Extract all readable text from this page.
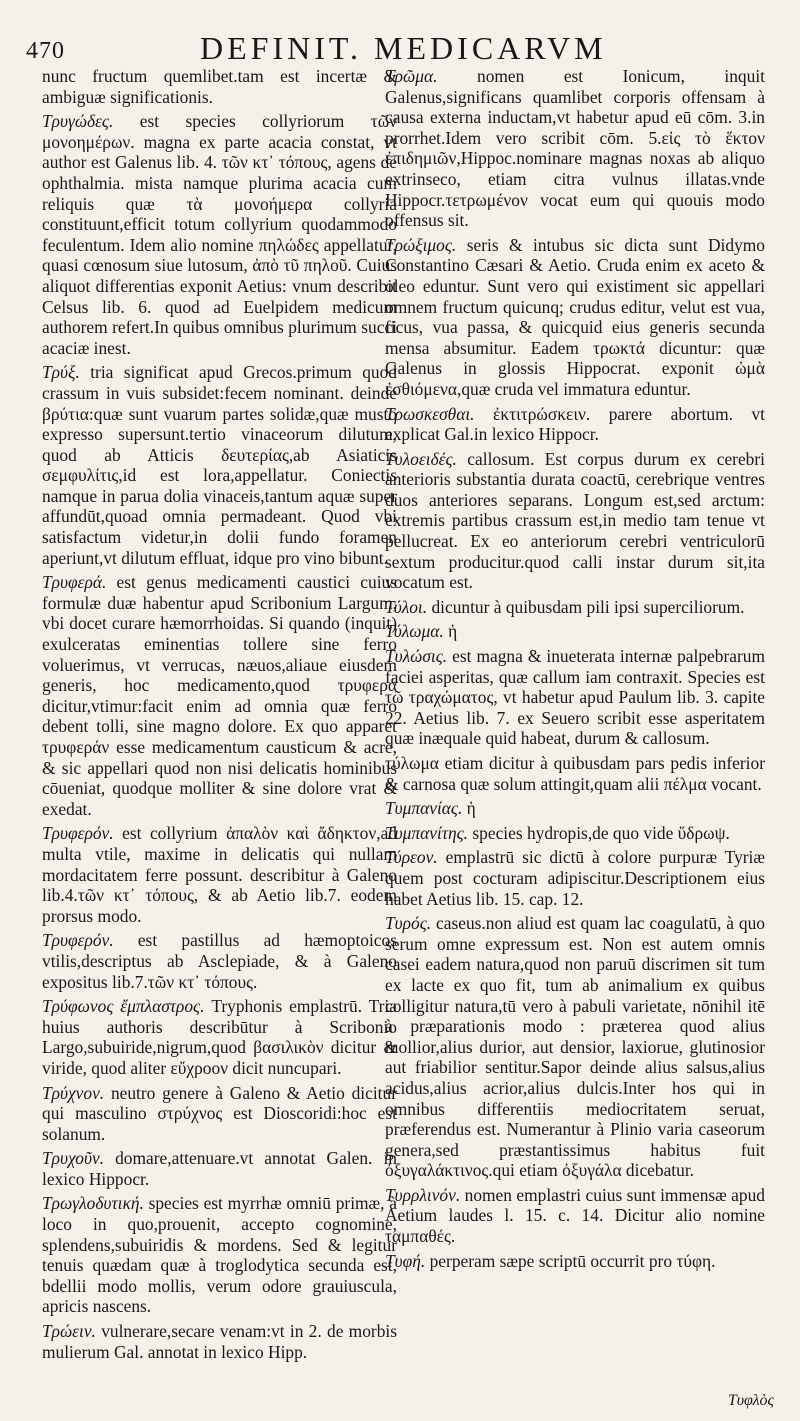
470	DEFINIT. MEDICARVM

nunc fructum quemlibet.tam est incertæ & ambiguæ significationis.

Τρυγώδες. est species collyriorum τῶν μονοημέρων. magna ex parte acacia constat, vt author est Galenus lib. 4. τῶν κτ᾽ τόπους, agens de ophthalmia. mista namque plurima acacia cum reliquis quæ τὰ μονοήμερα collyria constituunt,efficit totum collyrium quodammodo feculentum. Idem alio nomine πηλώδες appellatur, quasi cœnosum siue lutosum, ἀπὸ τῦ πηλοῦ. Cuius aliquot differentias exponit Aetius: vnum describit Celsus lib. 6. quod ad Euelpidem medicum authorem refert.In quibus omnibus plurimum succi acaciæ inest.

Τρύξ. tria significat apud Grecos.primum quod crassum in vuis subsidet:fecem nominant. deinde βρύτια:quæ sunt vuarum partes solidæ,quæ musto expresso supersunt.tertio vinaceorum dilutum, quod ab Atticis δευτερίας,ab Asiaticis σεμφυλίτις,id est lora,appellatur. Coniectis namque in parua dolia vinaceis,tantum aquæ super affundūt,quoad omnia permadeant. Quod vbi satisfactum videtur,in dolii fundo foramen aperiunt,vt dilutum effluat, idque pro vino bibunt.

Τρυφερά. est genus medicamenti caustici cuius formulæ duæ habentur apud Scribonium Largum, vbi docet curare hæmorrhoidas. Si quando (inquit) exulceratas eminentias tollere sine ferro voluerimus, vt verrucas, næuos,aliaue eiusdem generis, hoc medicamento,quod τρυφερά dicitur,vtimur:facit enim ad omnia quæ ferro debent tolli, sine magno dolore. Ex quo apparet τρυφεράν esse medicamentum causticum & acre, & sic appellari quod non nisi delicatis hominibus cōueniat, quodque molliter & sine dolore vrat & exedat.

Τρυφερόν. est collyrium ἀπαλὸν καὶ ἄδηκτον,ad multa vtile, maxime in delicatis qui nullam mordacitatem ferre possunt. describitur à Galeno lib.4.τῶν κτ᾽ τόπους, & ab Aetio lib.7. eodem prorsus modo.

Τρυφερόν. est pastillus ad hæmoptoicos vtilis,descriptus ab Asclepiade, & à Galeno expositus lib.7.τῶν κτ᾽ τόπους.

Τρύφωνος ἔμπλαστρος. Tryphonis emplastrū. Tria huius authoris describūtur à Scribonio Largo,subuiride,nigrum,quod βασιλικὸν dicitur & viride, quod aliter εὔχροον dicit nuncupari.

Τρύχνον. neutro genere à Galeno & Aetio dicitur qui masculino στρύχνος est Dioscoridi:hoc est solanum.

Τρυχοῦν. domare,attenuare.vt annotat Galen. in lexico Hippocr.

Τρωγλοδυτική. species est myrrhæ omniū primæ, à loco in quo,prouenit, accepto cognomine, splendens,subuiridis & mordens. Sed & legitur tenuis quædam quæ à troglodytica secunda est, bdellii modo mollis, verum odore grauiuscula, apricis nascens.

Τρώειν. vulnerare,secare venam:vt in 2. de morbis mulierum Gal. annotat in lexico Hipp.

Τρῶμα. nomen est Ionicum, inquit Galenus,significans quamlibet corporis offensam à causa externa inductam,vt habetur apud eū cōm. 3.in prorrhet.Idem vero scribit cōm. 5.εἰς τὸ ἕκτον ἐπιδημιῶν,Hippoc.nominare magnas noxas ab aliquo extrinseco, etiam citra vulnus illatas.vnde Hippocr.τετρωμένον vocat eum qui quouis modo offensus sit.

Τρώξιμος. seris & intubus sic dicta sunt Didymo Constantino Cæsari & Aetio. Cruda enim ex aceto & oleo eduntur. Sunt vero qui existiment sic appellari omnem fructum quicunq; crudus editur, velut est vua, ficus, vua passa, & quicquid eius generis secunda mensa absumitur. Eadem τρωκτά dicuntur: quæ Galenus in glossis Hippocrat. exponit ὠμὰ ἐσθιόμενα,quæ cruda vel immatura eduntur.

Τρωσκεσθαι. ἐκτιτρώσκειν. parere abortum. vt explicat Gal.in lexico Hippocr.

Τυλοειδές. callosum. Est corpus durum ex cerebri anterioris substantia durata coactū, cerebrique ventres duos anteriores separans. Longum est,sed arctum: extremis partibus crassum est,in medio tam tenue vt pellucreat. Ex eo anteriorum cerebri ventriculorū sextum producitur.quod calli instar durum sit,ita vocatum est.

Τύλοι. dicuntur à quibusdam pili ipsi superciliorum.

Τύλωμα. ἡ

Τυλώσις. est magna & inueterata internæ palpebrarum faciei asperitas, quæ callum iam contraxit. Species est τῶ τραχώματος, vt habetur apud Paulum lib. 3. capite 22. Aetius lib. 7. ex Seuero scribit esse asperitatem quæ inæquale quid habeat, durum & callosum.

τύλωμα etiam dicitur à quibusdam pars pedis inferior & carnosa quæ solum attingit,quam alii πέλμα vocant.

Τυμπανίας. ἡ

Τυμπανίτης. species hydropis,de quo vide ὕδρωψ.

Τύρεον. emplastrū sic dictū à colore purpuræ Tyriæ quem post cocturam adipiscitur.Descriptionem eius habet Aetius lib. 15. cap. 12.

Τυρός. caseus.non aliud est quam lac coagulatū, à quo serum omne expressum est. Non est autem omnis casei eadem natura,quod non paruū discrimen sit tum ex lacte ex quo fit, tum ab animalium ex quibus colligitur natura,tū vero à pabuli varietate, nōnihil itē à præparationis modo : præterea quod alius mollior,alius durior, aut densior, laxiorue, glutinosior aut friabilior sentitur.Sapor deinde alius salsus,alius acidus,alius acrior,alius dulcis.Inter hos qui in omnibus differentiis mediocritatem seruat, præferendus est. Numerantur à Plinio varia caseorum genera,sed præstantissimus habitus fuit ὀξυγαλάκτινος.qui etiam ὀξυγάλα dicebatur.

Τυρρλινόν. nomen emplastri cuius sunt immensæ apud Aetium laudes l. 15. c. 14. Dicitur alio nomine ταμπαθές.

Τυφή. perperam sæpe scriptū occurrit pro τύφη.

Τυφλὸς
